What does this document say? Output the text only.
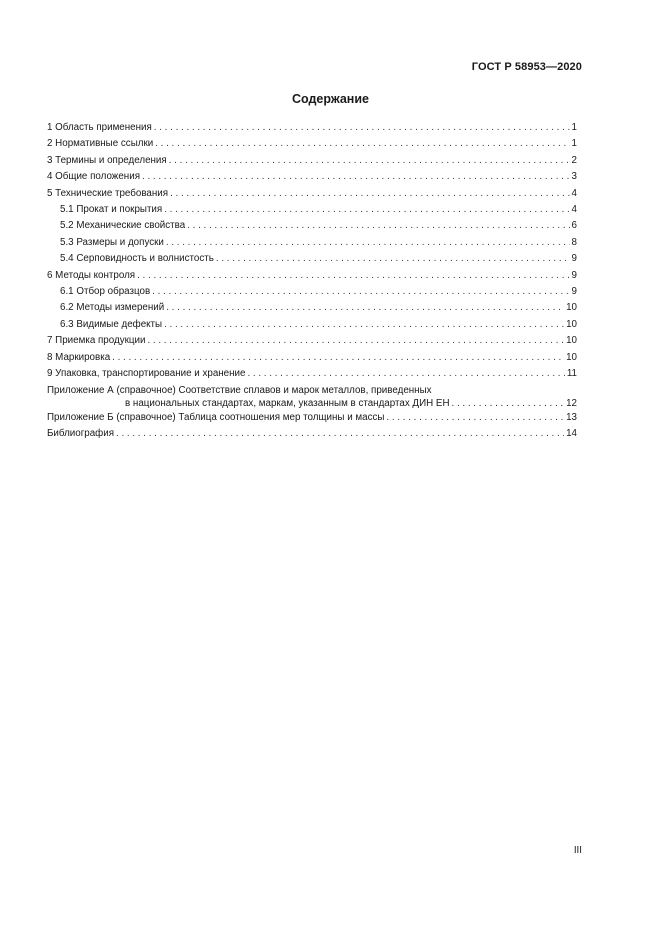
ГОСТ Р 58953—2020
Содержание
1 Область применения . . .	1
2 Нормативные ссылки . . .	1
3 Термины и определения . . .	2
4 Общие положения . . .	3
5 Технические требования . . .	4
5.1 Прокат и покрытия . . .	4
5.2 Механические свойства . . .	6
5.3 Размеры и допуски . . .	8
5.4 Серповидность и волнистость . . .	9
6 Методы контроля . . .	9
6.1 Отбор образцов . . .	9
6.2 Методы измерений . . .	10
6.3 Видимые дефекты . . .	10
7 Приемка продукции . . .	10
8 Маркировка . . .	10
9 Упаковка, транспортирование и хранение . . .	11
Приложение А (справочное) Соответствие сплавов и марок металлов, приведенных
в национальных стандартах, маркам, указанным в стандартах ДИН ЕН . . .	12
Приложение Б (справочное) Таблица соотношения мер толщины и массы . . .	13
Библиография . . .	14
III
